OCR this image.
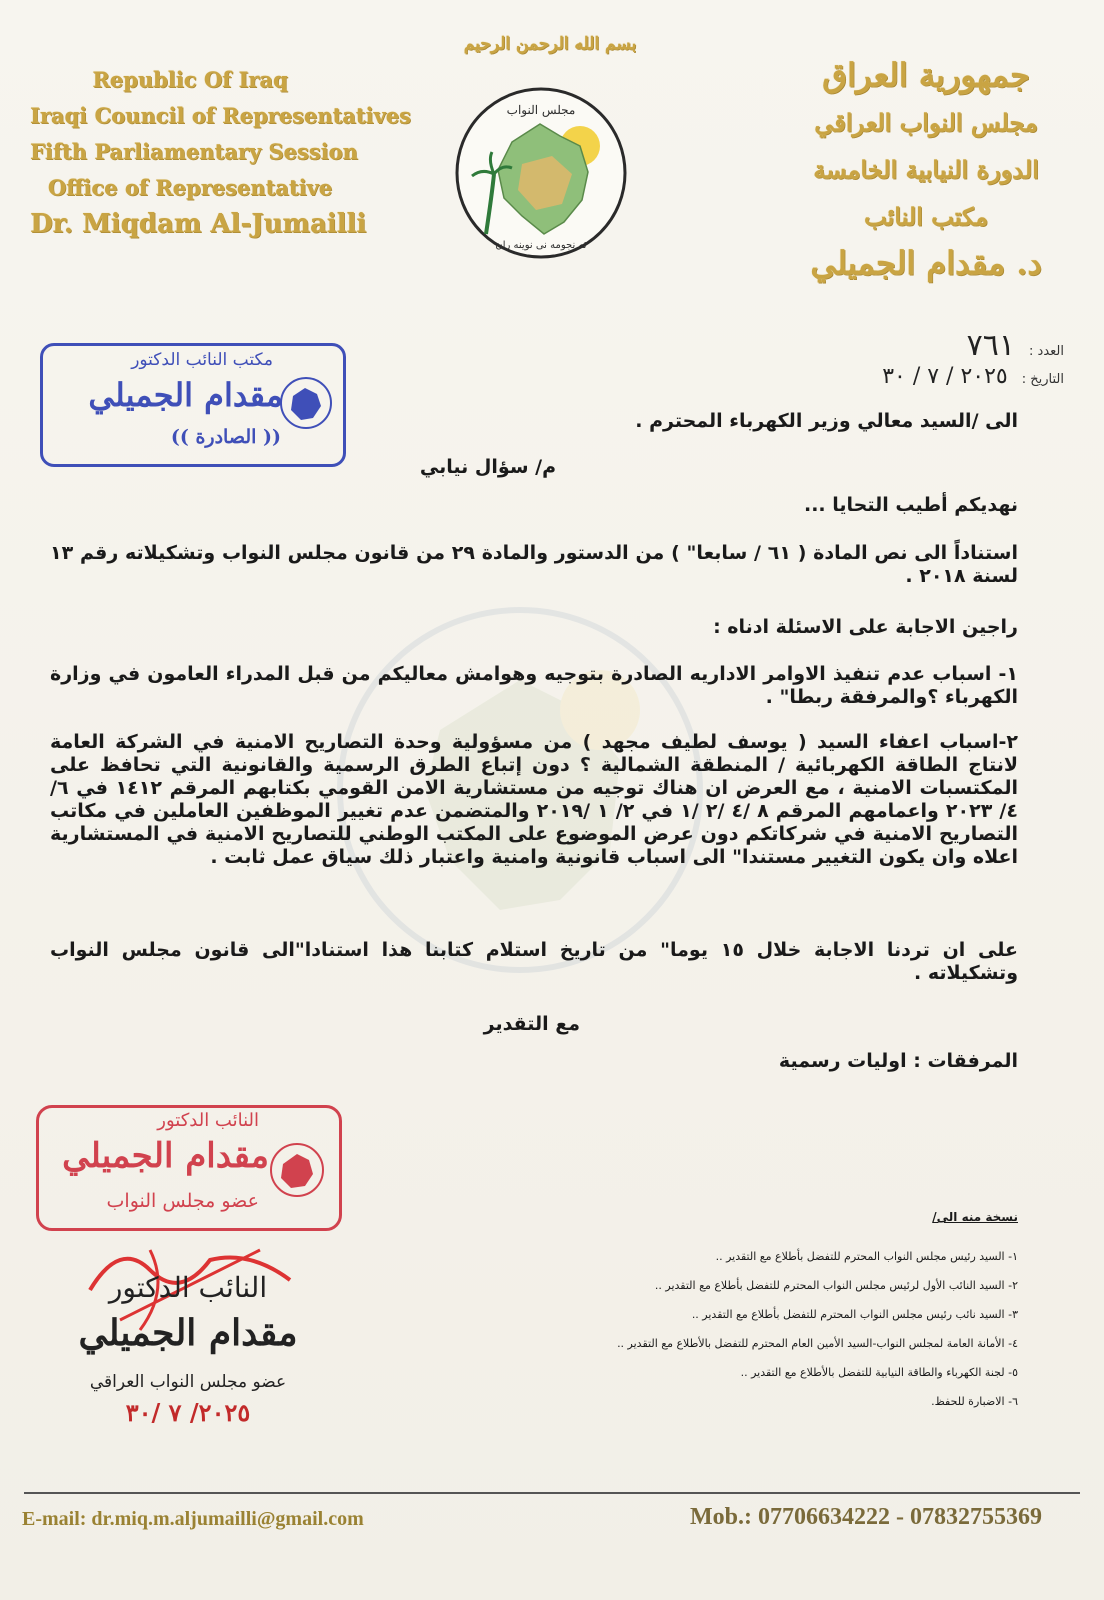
بسم الله الرحمن الرحيم
Republic Of Iraq
Iraqi Council of Representatives
Fifth Parliamentary Session
Office of Representative
Dr. Miqdam Al-Jumailli
جمهورية العراق
مجلس النواب العراقي
الدورة النيابية الخامسة
مكتب النائب
د. مقدام الجميلي
مجلس النواب
ئه نجومه نى نوينه ران
العدد :
٧٦١
التاريخ :
٢٠٢٥ / ٧ / ٣٠
مكتب النائب الدكتور
مقدام الجميلي
(( الصادرة ))
الى /السيد معالي وزير الكهرباء المحترم .
م/ سؤال نيابي
نهديكم أطيب التحايا ...
استناداً الى نص المادة ( ٦١ / سابعا" ) من الدستور والمادة ٢٩ من قانون مجلس النواب وتشكيلاته رقم ١٣ لسنة ٢٠١٨ .
راجين الاجابة على الاسئلة ادناه :
١- اسباب عدم تنفيذ الاوامر الاداريه الصادرة بتوجيه وهوامش معاليكم من قبل المدراء العامون في وزارة الكهرباء ؟والمرفقة ربطا" .
٢-اسباب اعفاء السيد ( يوسف لطيف مجهد ) من مسؤولية وحدة التصاريح الامنية في الشركة العامة لانتاج الطاقة الكهربائية / المنطقة الشمالية ؟ دون إتباع الطرق الرسمية والقانونية التي تحافظ على المكتسبات الامنية ، مع العرض ان هناك توجيه من مستشارية الامن القومي بكتابهم المرقم ١٤١٢ في ٦/ ٤/ ٢٠٢٣ واعمامهم المرقم ٨ /٤ /٢ /١ في ٢/ ١ /٢٠١٩ والمتضمن عدم تغيير الموظفين العاملين في مكاتب التصاريح الامنية في شركاتكم دون عرض الموضوع على المكتب الوطني للتصاريح الامنية في المستشارية اعلاه وان يكون التغيير مستندا" الى اسباب قانونية وامنية واعتبار ذلك سياق عمل ثابت .
على ان تردنا الاجابة خلال ١٥ يوما" من تاريخ استلام كتابنا هذا استنادا"الى قانون مجلس النواب وتشكيلاته .
مع التقدير
المرفقات : اوليات رسمية
النائب الدكتور
مقدام الجميلي
عضو مجلس النواب
النائب الدكتور
مقدام الجميلي
عضو مجلس النواب العراقي
٢٠٢٥/ ٧ /٣٠
نسخة منه الى/
١- السيد رئيس مجلس النواب المحترم للتفضل بأطلاع مع التقدير ..
٢- السيد النائب الأول لرئيس مجلس النواب المحترم للتفضل بأطلاع مع التقدير ..
٣- السيد نائب رئيس مجلس النواب المحترم للتفضل بأطلاع مع التقدير ..
٤- الأمانة العامة لمجلس النواب-السيد الأمين العام المحترم للتفضل بالأطلاع مع التقدير ..
٥- لجنة الكهرباء والطاقة النيابية للتفضل بالأطلاع مع التقدير ..
٦- الاضبارة للحفظ.
E-mail: dr.miq.m.aljumailli@gmail.com	Mob.: 07706634222 - 07832755369
